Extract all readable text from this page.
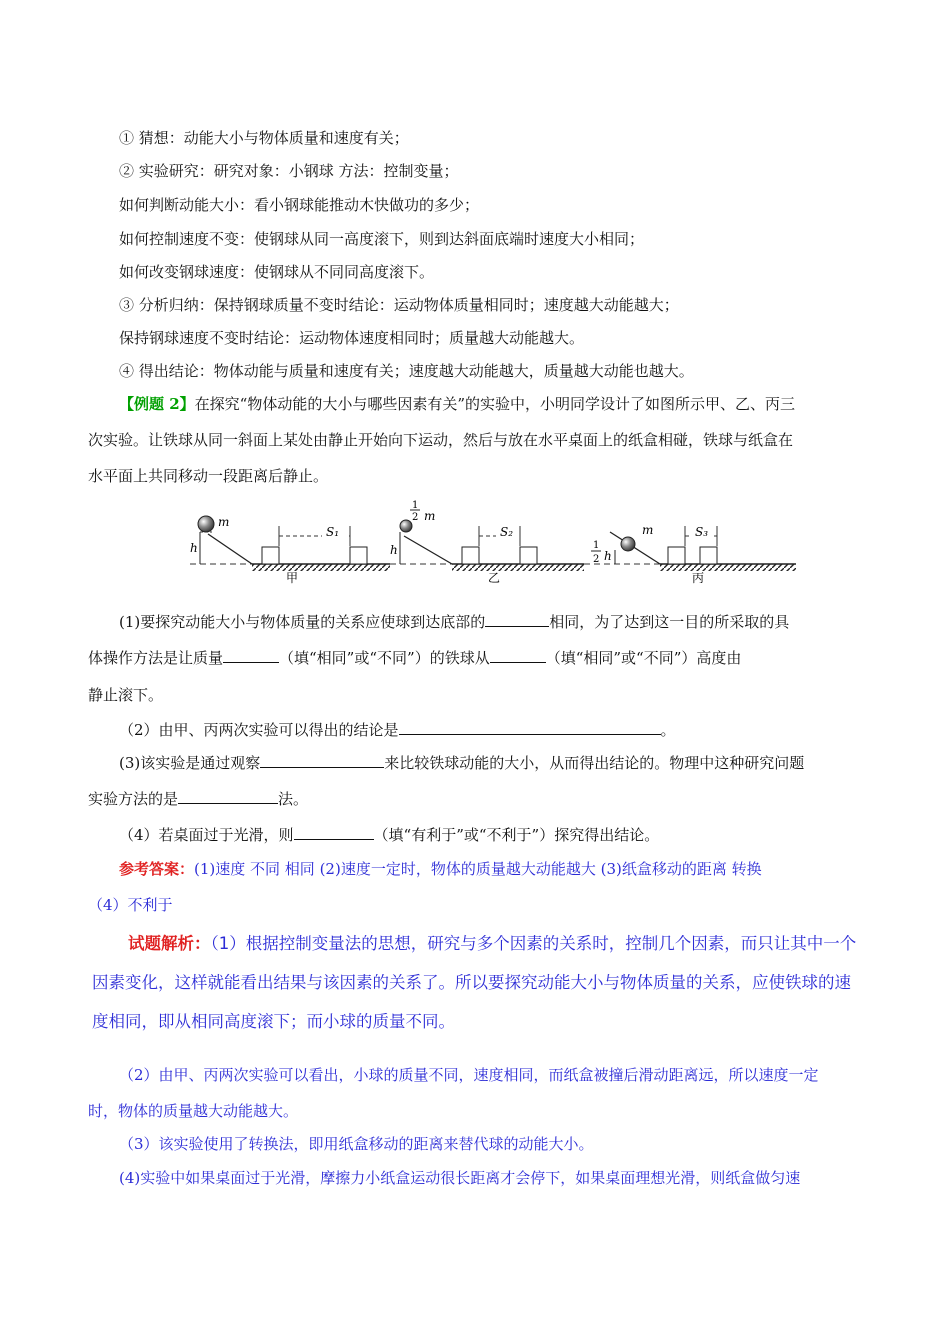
① 猜想：动能大小与物体质量和速度有关；
② 实验研究：研究对象：小钢球 方法：控制变量；
如何判断动能大小：看小钢球能推动木快做功的多少；
如何控制速度不变：使钢球从同一高度滚下，则到达斜面底端时速度大小相同；
如何改变钢球速度：使钢球从不同同高度滚下。
③ 分析归纳：保持钢球质量不变时结论：运动物体质量相同时；速度越大动能越大；
保持钢球速度不变时结论：运动物体速度相同时；质量越大动能越大。
④ 得出结论：物体动能与质量和速度有关；速度越大动能越大，质量越大动能也越大。
【例题 2】在探究“物体动能的大小与哪些因素有关”的实验中，小明同学设计了如图所示甲、乙、丙三
次实验。让铁球从同一斜面上某处由静止开始向下运动，然后与放在水平桌面上的纸盒相碰，铁球与纸盒在
水平面上共同移动一段距离后静止。
m
h
S₁
甲
1
2 m
h
S₂
乙
m
1
2 h
S₃
丙
(1)要探究动能大小与物体质量的关系应使球到达底部的	相同，为了达到这一目的所采取的具
体操作方法是让质量	（填“相同”或“不同”）的铁球从	（填“相同”或“不同”）高度由
静止滚下。
（2）由甲、丙两次实验可以得出的结论是	。
(3)该实验是通过观察	来比较铁球动能的大小，从而得出结论的。物理中这种研究问题
实验方法的是	法。
（4）若桌面过于光滑，则	（填“有利于”或“不利于”）探究得出结论。
参考答案：(1)速度 不同 相同 (2)速度一定时，物体的质量越大动能越大 (3)纸盒移动的距离 转换
（4）不利于
试题解析：（1）根据控制变量法的思想，研究与多个因素的关系时，控制几个因素，而只让其中一个
因素变化，这样就能看出结果与该因素的关系了。所以要探究动能大小与物体质量的关系，应使铁球的速
度相同，即从相同高度滚下；而小球的质量不同。
（2）由甲、丙两次实验可以看出，小球的质量不同，速度相同，而纸盒被撞后滑动距离远，所以速度一定
时，物体的质量越大动能越大。
（3）该实验使用了转换法，即用纸盒移动的距离来替代球的动能大小。
(4)实验中如果桌面过于光滑，摩擦力小纸盒运动很长距离才会停下，如果桌面理想光滑，则纸盒做匀速
